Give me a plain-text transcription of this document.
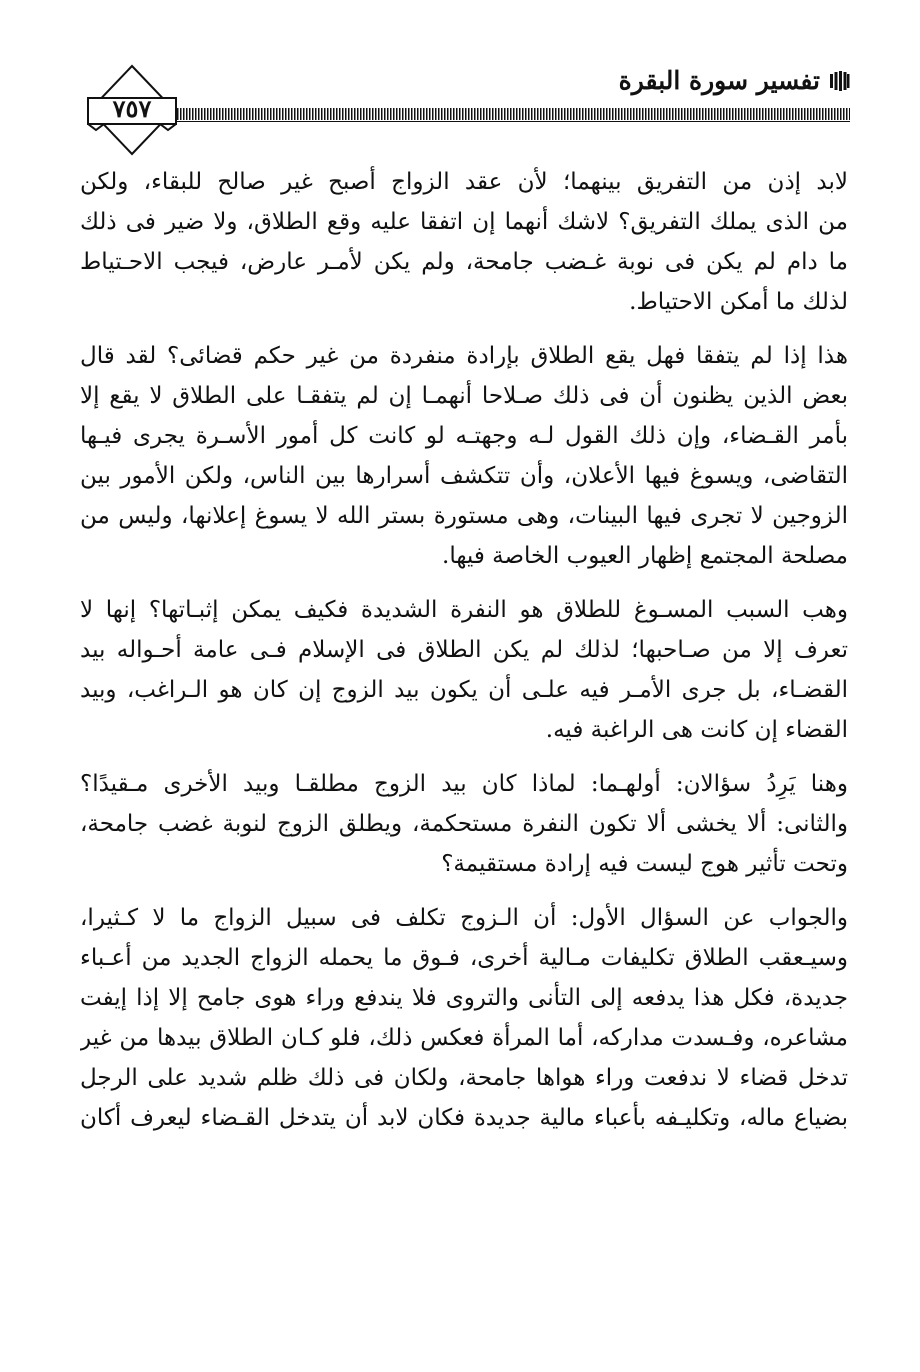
تفسير سورة البقرة
٧٥٧

لابد إذن من التفريق بينهما؛ لأن عقد الزواج أصبح غير صالح للبقاء، ولكن
من الذى يملك التفريق؟ لاشك أنهما إن اتفقا عليه وقع الطلاق، ولا ضير فى ذلك
ما دام لم يكن فى نوبة غـضب جامحة، ولم يكن لأمـر عارض، فيجب الاحـتياط
لذلك ما أمكن الاحتياط.

هذا إذا لم يتفقا فهل يقع الطلاق بإرادة منفردة من غير حكم قضائى؟ لقد قال
بعض الذين يظنون أن فى ذلك صـلاحا أنهمـا إن لم يتفقـا على الطلاق لا يقع إلا
بأمر القـضاء، وإن ذلك القول لـه وجهتـه لو كانت كل أمور الأسـرة يجرى فيـها
التقاضى، ويسوغ فيها الأعلان، وأن تتكشف أسرارها بين الناس، ولكن الأمور بين
الزوجين لا تجرى فيها البينات، وهى مستورة بستر الله لا يسوغ إعلانها، وليس من
مصلحة المجتمع إظهار العيوب الخاصة فيها.

وهب السبب المسـوغ للطلاق هو النفرة الشديدة فكيف يمكن إثبـاتها؟ إنها لا
تعرف إلا من صـاحبها؛ لذلك لم يكن الطلاق فى الإسلام فـى عامة أحـواله بيد
القضـاء، بل جرى الأمـر فيه علـى أن يكون بيد الزوج إن كان هو الـراغب، وبيد
القضاء إن كانت هى الراغبة فيه.

وهنا يَرِدُ سؤالان: أولهـما: لماذا كان بيد الزوج مطلقـا وبيد الأخرى مـقيدًا؟
والثانى: ألا يخشى ألا تكون النفرة مستحكمة، ويطلق الزوج لنوبة غضب جامحة،
وتحت تأثير هوج ليست فيه إرادة مستقيمة؟

والجواب عن السؤال الأول: أن الـزوج تكلف فى سبيل الزواج ما لا كـثيرا،
وسيـعقب الطلاق تكليفات مـالية أخرى، فـوق ما يحمله الزواج الجديد من أعـباء
جديدة، فكل هذا يدفعه إلى التأنى والتروى فلا يندفع وراء هوى جامح إلا إذا إيفت
مشاعره، وفـسدت مداركه، أما المرأة فعكس ذلك، فلو كـان الطلاق بيدها من غير
تدخل قضاء لا ندفعت وراء هواها جامحة، ولكان فى ذلك ظلم شديد على الرجل
بضياع ماله، وتكليـفه بأعباء مالية جديدة فكان لابد أن يتدخل القـضاء ليعرف أكان
